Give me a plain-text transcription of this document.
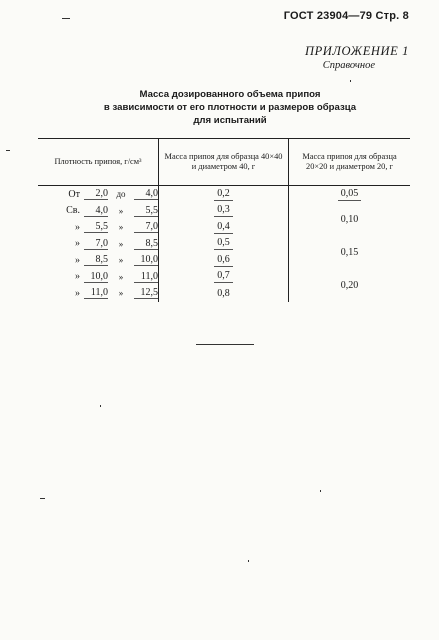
ГОСТ 23904—79 Стр. 8
ПРИЛОЖЕНИЕ 1
Справочное
Масса дозированного объема припоя
в зависимости от его плотности и размеров образца
для испытаний
Плотность припоя, г/см³	Масса припоя для образца 40×40 и диаметром 40, г	Масса припоя для образца 20×20 и диаметром 20, г

От 2,0 до 4,0	0,2	0,05

Св. 4,0 » 5,5	0,3	0,10

» 5,5 » 7,0	0,4	

» 7,0 » 8,5	0,5	0,15

» 8,5 » 10,0	0,6	

» 10,0 » 11,0	0,7	0,20

» 11,0 » 12,5	0,8	
